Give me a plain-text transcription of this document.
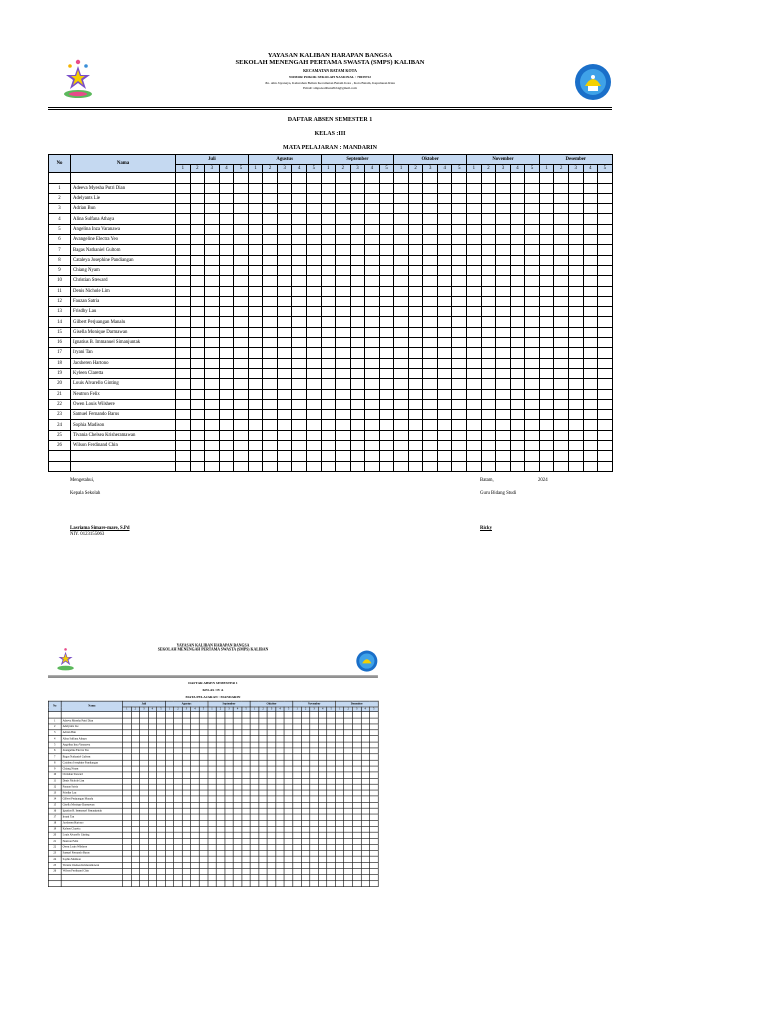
YAYASAN KALIBAN HARAPAN BANGSA
SEKOLAH MENENGAH PERTAMA SWASTA (SMPS) KALIBAN
KECAMATAN BATAM KOTA
NOMOR POKOK SEKOLAH NASIONAL : 70039722
Jln. Ahn Jayanaya, Kelurahan Belian Kecamatan Batam Kota , Kota Batam, Kepulauan Riau
Email: smps.kaliban2024@gmail.com
DAFTAR ABSEN SEMESTER 1
KELAS :III
MATA PELAJARAN : MANDARIN
No	Nama	Juli					Agustus					September					Oktober					November					Desember				
		1	2	3	4	5	1	2	3	4	5	1	2	3	4	5	1	2	3	4	5	1	2	3	4	5	1	2	3	4	5

1	Adeeva Myesha Putri Dian																														
2	Adelyants Lie																														
3	Adrian Bun																														
4	Alina Sulfana Athaya																														
5	Angelina Inza Varanawa																														
6	Avangeline Electra Yeo																														
7	Bagas Nathaniel Gultom																														
8	Cataleya Josephine Pandiangan																														
9	Chiang Nyam																														
10	Christian Steward																														
11	Denis Nichole Lim																														
12	Fauzan Satria																														
13	Frisdhy Lau																														
14	Gilbert Perjuangan Manalu																														
15	Gisella Monique Darmawan																														
16	Ignatius B. Immanuel Simanjuntak																														
17	Iryani Tan																														
18	Jacsheren Hartono																														
19	Kyleen Claretta																														
20	Louis Alvarello Ginting																														
21	Neutron Felix																														
22	Owen Louis Wilshere																														
23	Samuel Fernando Barus																														
24	Sophia Madison																														
25	Tivania Chelsea Krisheramawan																														
26	Wilson Ferdinand Chin																														

Mengetahui,
Kepala Sekolah
Lasriama Simare-mare, S.Pd
NIY. 0123155063
Batam,	2024
Guru Bidang Studi
Ricky
YAYASAN KALIBAN HARAPAN BANGSA
SEKOLAH MENENGAH PERTAMA SWASTA (SMPS) KALIBAN
DAFTAR ABSEN SEMESTER 1
KELAS :IV A
MATA PELAJARAN : MANDARIN
No	Nama	Juli					Agustus					September					Oktober					November					Desember				
		1	2	3	4	5	1	2	3	4	5	1	2	3	4	5	1	2	3	4	5	1	2	3	4	5	1	2	3	4	5

1	Adeeva Myesha Putri Dian																														
2	Adelyants Lie																														
3	Adrian Bun																														
4	Alina Sulfana Athaya																														
5	Angelina Inza Varanawa																														
6	Avangeline Electra Yeo																														
7	Bagas Nathaniel Gultom																														
8	Cataleya Josephine Pandiangan																														
9	Chiang Nyam																														
10	Christian Steward																														
11	Denis Nichole Lim																														
12	Fauzan Satria																														
13	Frisdhy Lau																														
14	Gilbert Perjuangan Manalu																														
15	Gisella Monique Darmawan																														
16	Ignatius B. Immanuel Simanjuntak																														
17	Iryani Tan																														
18	Jacsheren Hartono																														
19	Kyleen Claretta																														
20	Louis Alvarello Ginting																														
21	Neutron Felix																														
22	Owen Louis Wilshere																														
23	Samuel Fernando Barus																														
24	Sophia Madison																														
25	Tivania Chelsea Krisheramawan																														
26	Wilson Ferdinand Chin																														
